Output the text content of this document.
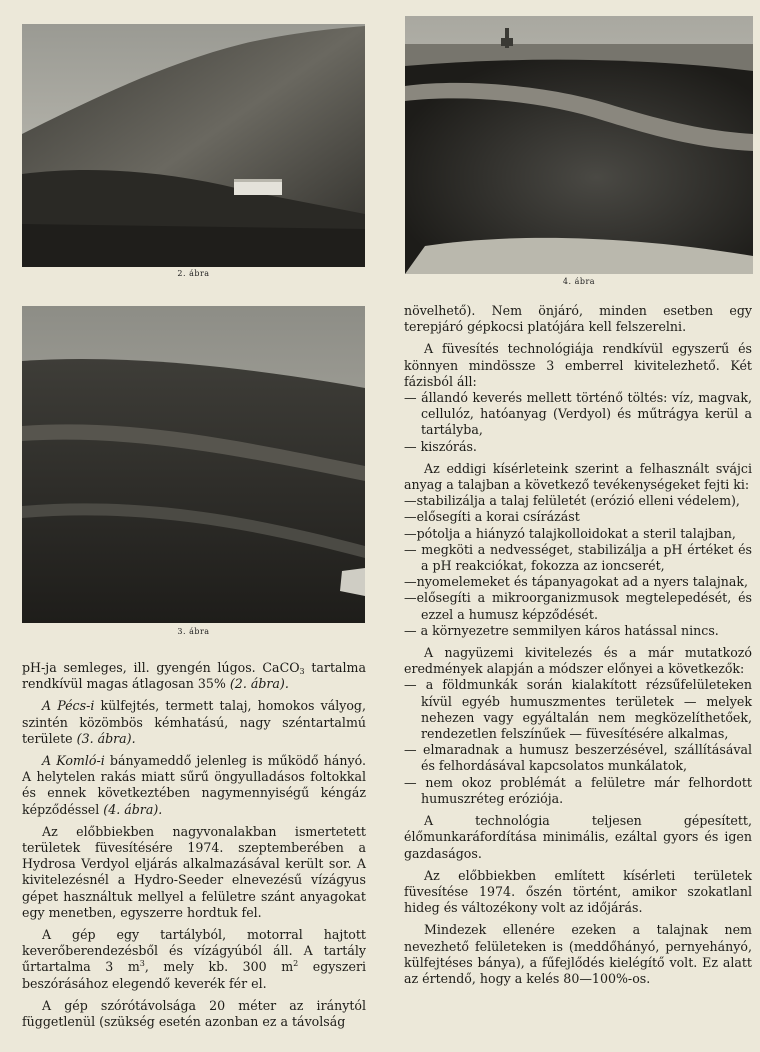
2. ábra
3. ábra
4. ábra

pH-ja semleges, ill. gyengén lúgos. CaCO$_3$ tartalma rendkívül magas átlagosan 35% (2. ábra).

A Pécs-i külfejtés, termett talaj, homokos vályog, szintén közömbös kémhatású, nagy széntartalmú területe (3. ábra).

A Komló-i bányameddő jelenleg is működő hányó. A helytelen rakás miatt sűrű öngyulladásos foltokkal és ennek következtében nagymennyiségű kéngáz képződéssel (4. ábra).

Az előbbiekben nagyvonalakban ismertetett területek füvesítésére 1974. szeptemberében a Hydrosa Verdyol eljárás alkalmazásával került sor. A kivitelezésnél a Hydro-Seeder elnevezésű vízágyus gépet használtuk mellyel a felületre szánt anyagokat egy menetben, egyszerre hordtuk fel.

A gép egy tartályból, motorral hajtott keverőberendezésből és vízágyúból áll. A tartály űrtartalma 3 $m^3$, mely kb. 300 $m^2$ egyszeri beszórásához elegendő keverék fér el.

A gép szórótávolsága 20 méter az iránytól függetlenül (szükség esetén azonban ez a távolság

növelhető). Nem önjáró, minden esetben egy terepjáró gépkocsi platójára kell felszerelni.

A füvesítés technológiája rendkívül egyszerű és könnyen mindössze 3 emberrel kivitelezhető. Két fázisból áll:

— állandó keverés mellett történő töltés: víz, magvak, cellulóz, hatóanyag (Verdyol) és műtrágya kerül a tartályba,
— kiszórás.

Az eddigi kísérleteink szerint a felhasznált svájci anyag a talajban a következő tevékenységeket fejti ki:

—stabilizálja a talaj felületét (erózió elleni védelem),
—elősegíti a korai csírázást
—pótolja a hiányzó talajkolloidokat a steril talajban,
— megköti a nedvességet, stabilizálja a pH értéket és a pH reakciókat, fokozza az ioncserét,
—nyomelemeket és tápanyagokat ad a nyers talajnak,
—elősegíti a mikroorganizmusok megtelepedését, és ezzel a humusz képződését.
— a környezetre semmilyen káros hatással nincs.

A nagyüzemi kivitelezés és a már mutatkozó eredmények alapján a módszer előnyei a következők:

— a földmunkák során kialakított rézsűfelületeken kívül egyéb humuszmentes területek — melyek nehezen vagy egyáltalán nem megközelíthetőek, rendezetlen felszínűek — füvesítésére alkalmas,
— elmaradnak a humusz beszerzésével, szállításával és felhordásával kapcsolatos munkálatok,
— nem okoz problémát a felületre már felhordott humuszréteg eróziója.

A technológia teljesen gépesített, élőmunkaráfordítása minimális, ezáltal gyors és igen gazdaságos.

Az előbbiekben említett kísérleti területek füvesítése 1974. őszén történt, amikor szokatlanl hideg és változékony volt az időjárás.

Mindezek ellenére ezeken a talajnak nem nevezhető felületeken is (meddőhányó, pernyehányó, külfejtéses bánya), a fűfejlődés kielégítő volt. Ez alatt az értendő, hogy a kelés 80—100%-os.
